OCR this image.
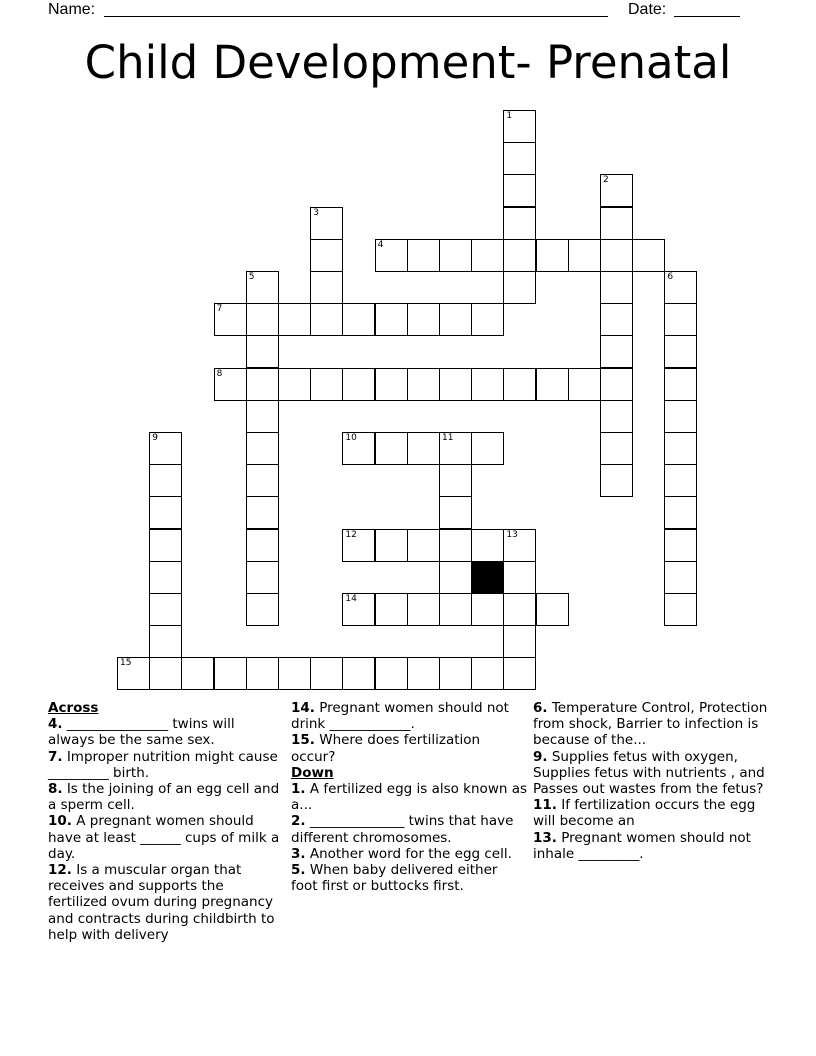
Name:	Date:
Child Development- Prenatal
1
2
3
5	6
9	11
13
4
7
8
10
12
14
15

Across

4. _______________ twins will always be the same sex.

7. Improper nutrition might cause _________ birth.

8. Is the joining of an egg cell and a sperm cell.

10. A pregnant women should have at least ______ cups of milk a day.

12. Is a muscular organ that receives and supports the fertilized ovum during pregnancy and contracts during childbirth to help with delivery

14. Pregnant women should not drink ____________.

15. Where does fertilization occur?

Down

1. A fertilized egg is also known as a...

2. ______________ twins that have different chromosomes.

3. Another word for the egg cell.

5. When baby delivered either foot first or buttocks first.

6. Temperature Control, Protection from shock, Barrier to infection is because of the...

9. Supplies fetus with oxygen, Supplies fetus with nutrients , and Passes out wastes from the fetus?

11. If fertilization occurs the egg will become an

13. Pregnant women should not inhale _________.
